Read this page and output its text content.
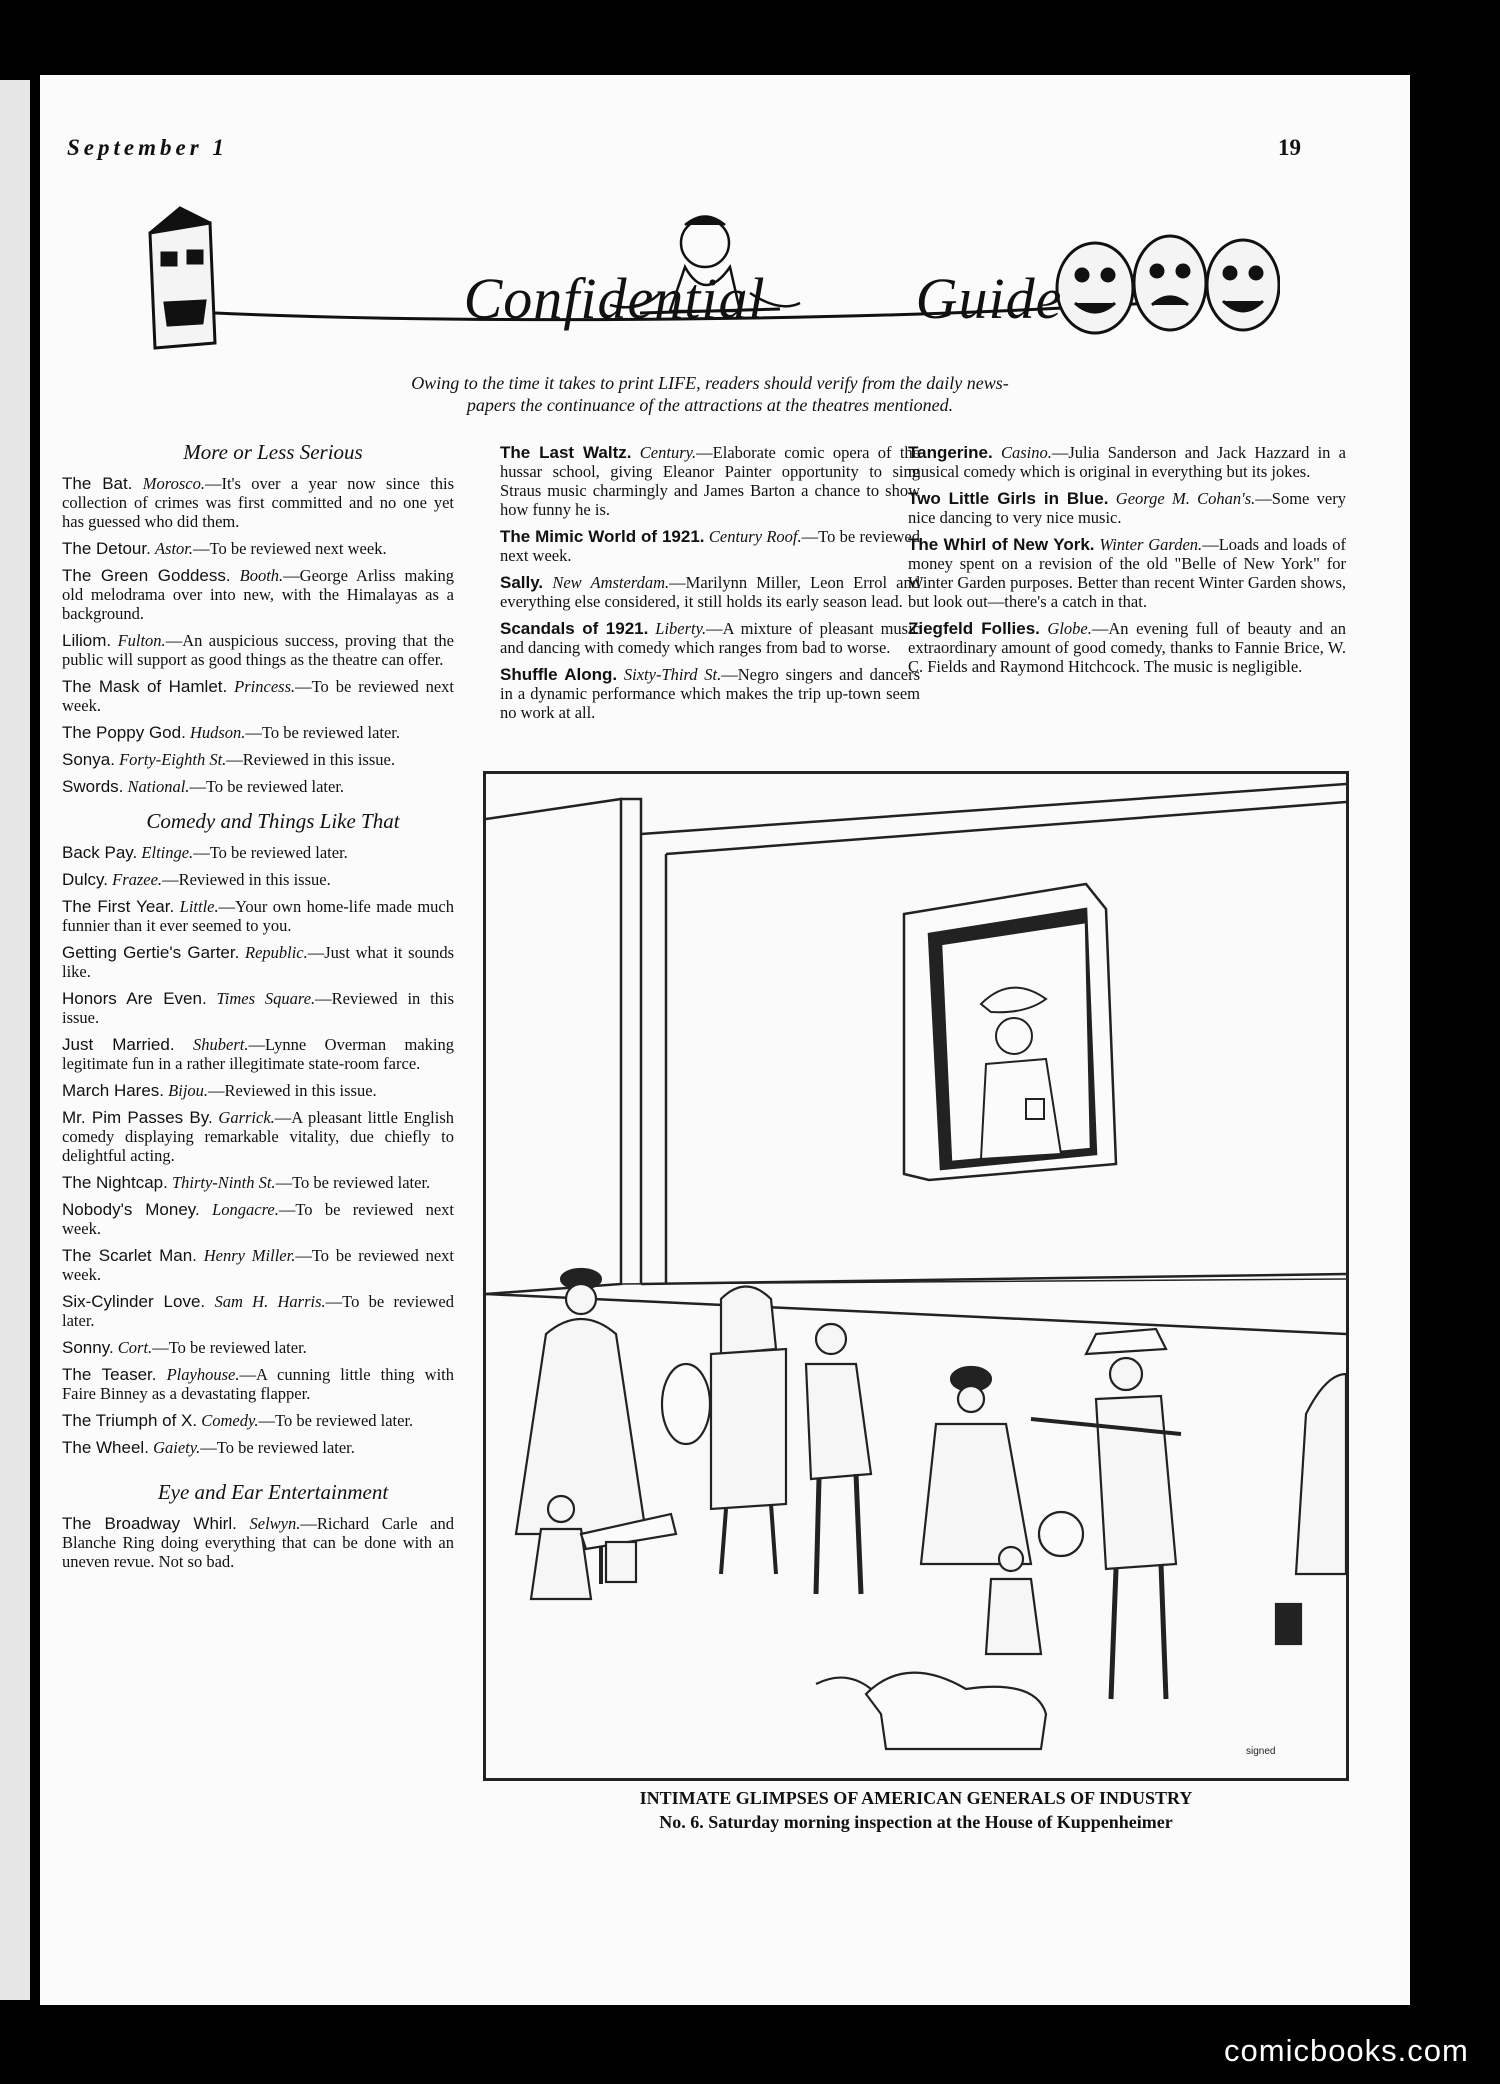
September 1	19
Confidential	Guide
Owing to the time it takes to print LIFE, readers should verify from the daily news-
papers the continuance of the attractions at the theatres mentioned.
More or Less Serious
The Bat. Morosco.—It's over a year now since this collection of crimes was first committed and no one yet has guessed who did them.
The Detour. Astor.—To be reviewed next week.
The Green Goddess. Booth.—George Arliss making old melodrama over into new, with the Himalayas as a background.
Liliom. Fulton.—An auspicious success, proving that the public will support as good things as the theatre can offer.
The Mask of Hamlet. Princess.—To be reviewed next week.
The Poppy God. Hudson.—To be reviewed later.
Sonya. Forty-Eighth St.—Reviewed in this issue.
Swords. National.—To be reviewed later.
Comedy and Things Like That
Back Pay. Eltinge.—To be reviewed later.
Dulcy. Frazee.—Reviewed in this issue.
The First Year. Little.—Your own home-life made much funnier than it ever seemed to you.
Getting Gertie's Garter. Republic.—Just what it sounds like.
Honors Are Even. Times Square.—Reviewed in this issue.
Just Married. Shubert.—Lynne Overman making legitimate fun in a rather illegitimate state-room farce.
March Hares. Bijou.—Reviewed in this issue.
Mr. Pim Passes By. Garrick.—A pleasant little English comedy displaying remarkable vitality, due chiefly to delightful acting.
The Nightcap. Thirty-Ninth St.—To be reviewed later.
Nobody's Money. Longacre.—To be reviewed next week.
The Scarlet Man. Henry Miller.—To be reviewed next week.
Six-Cylinder Love. Sam H. Harris.—To be reviewed later.
Sonny. Cort.—To be reviewed later.
The Teaser. Playhouse.—A cunning little thing with Faire Binney as a devastating flapper.
The Triumph of X. Comedy.—To be reviewed later.
The Wheel. Gaiety.—To be reviewed later.
Eye and Ear Entertainment
The Broadway Whirl. Selwyn.—Richard Carle and Blanche Ring doing everything that can be done with an uneven revue. Not so bad.
The Last Waltz. Century.—Elaborate comic opera of the hussar school, giving Eleanor Painter opportunity to sing Straus music charmingly and James Barton a chance to show how funny he is.
The Mimic World of 1921. Century Roof.—To be reviewed next week.
Sally. New Amsterdam.—Marilynn Miller, Leon Errol and everything else considered, it still holds its early season lead.
Scandals of 1921. Liberty.—A mixture of pleasant music and dancing with comedy which ranges from bad to worse.
Shuffle Along. Sixty-Third St.—Negro singers and dancers in a dynamic performance which makes the trip up-town seem no work at all.
Tangerine. Casino.—Julia Sanderson and Jack Hazzard in a musical comedy which is original in everything but its jokes.
Two Little Girls in Blue. George M. Cohan's.—Some very nice dancing to very nice music.
The Whirl of New York. Winter Garden.—Loads and loads of money spent on a revision of the old "Belle of New York" for Winter Garden purposes. Better than recent Winter Garden shows, but look out—there's a catch in that.
Ziegfeld Follies. Globe.—An evening full of beauty and an extraordinary amount of good comedy, thanks to Fannie Brice, W. C. Fields and Raymond Hitchcock. The music is negligible.
signed
INTIMATE GLIMPSES OF AMERICAN GENERALS OF INDUSTRY
No. 6. Saturday morning inspection at the House of Kuppenheimer
comicbooks.com
